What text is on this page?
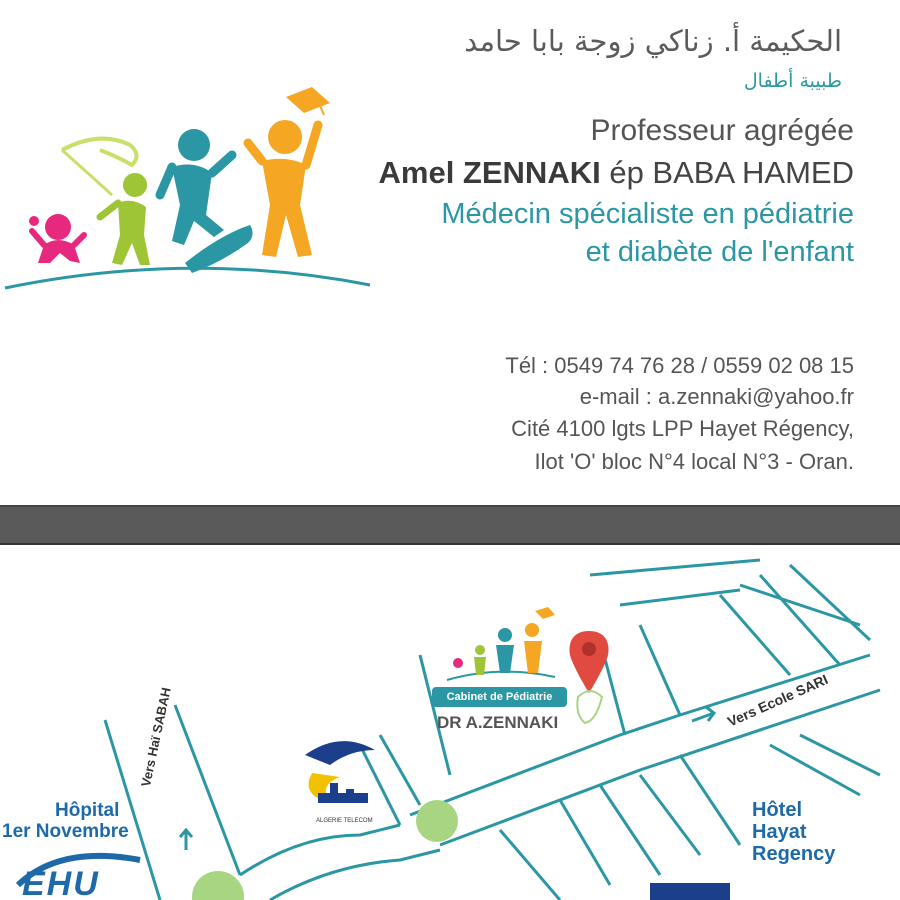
الحكيمة أ. زناكي زوجة بابا حامد
طبيبة أطفال
Professeur agrégée
Amel ZENNAKI ép BABA HAMED
Médecin spécialiste en pédiatrie
et diabète de l'enfant
Tél : 0549 74 76 28 / 0559 02 08 15
e-mail : a.zennaki@yahoo.fr
Cité 4100 lgts LPP Hayet Régency,
Ilot 'O' bloc N°4 local N°3 - Oran.
Vers Haï SABAH	Vers Ecole SARI
Cabinet de Pédiatrie
DR A.ZENNAKI
Hôpital
1er Novembre
EHU
Hôtel
Hayat
Regency
ALGERIE TELECOM
